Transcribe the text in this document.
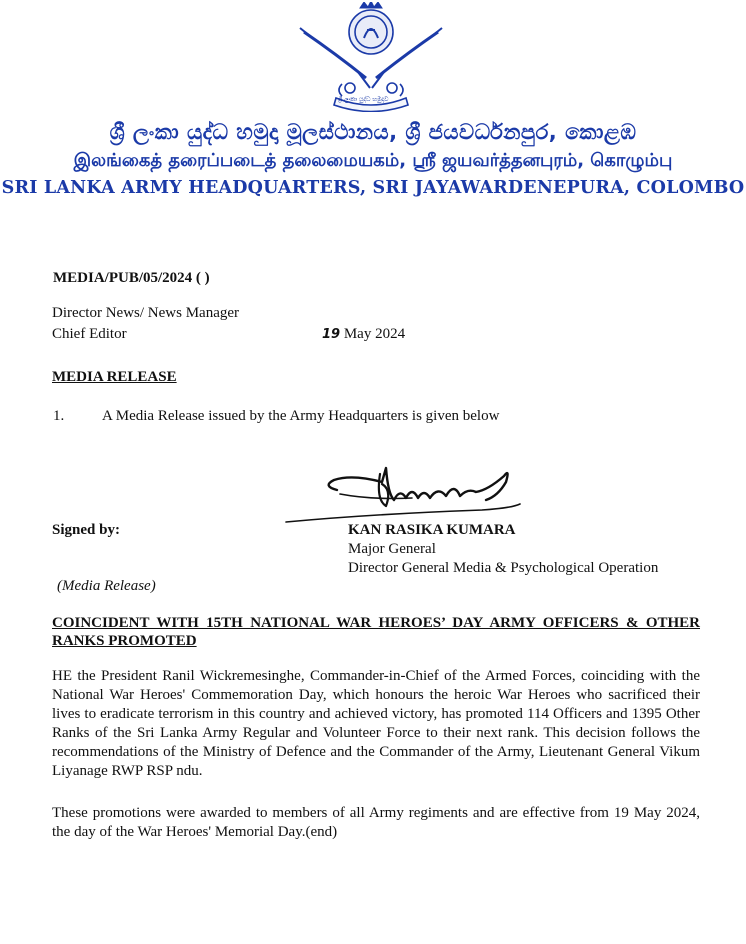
ශ්‍රී ලංකා යුද්ධ හමුදාව
ශ්‍රී ලංකා යුද්ධ හමුදා මූලස්ථානය, ශ්‍රී ජයවර්ධනපුර, කොළඹ
இலங்கைத் தரைப்படைத் தலைமையகம், ஸ்ரீ ஜயவர்த்தனபுரம், கொழும்பு
SRI LANKA ARMY HEADQUARTERS, SRI JAYAWARDENEPURA, COLOMBO
MEDIA/PUB/05/2024 ( )
Director News/ News Manager
Chief Editor	19 May 2024
MEDIA RELEASE
1.	A Media Release issued by the Army Headquarters is given below
Signed by:	KAN RASIKA KUMARA
Major General
Director General Media & Psychological Operation
(Media Release)
COINCIDENT WITH 15TH NATIONAL WAR HEROES’ DAY ARMY OFFICERS & OTHER RANKS PROMOTED
HE the President Ranil Wickremesinghe, Commander-in-Chief of the Armed Forces, coinciding with the National War Heroes' Commemoration Day, which honours the heroic War Heroes who sacrificed their lives to eradicate terrorism in this country and achieved victory, has promoted 114 Officers and 1395 Other Ranks of the Sri Lanka Army Regular and Volunteer Force to their next rank. This decision follows the recommendations of the Ministry of Defence and the Commander of the Army, Lieutenant General Vikum Liyanage RWP RSP ndu.
These promotions were awarded to members of all Army regiments and are effective from 19 May 2024, the day of the War Heroes' Memorial Day.(end)
